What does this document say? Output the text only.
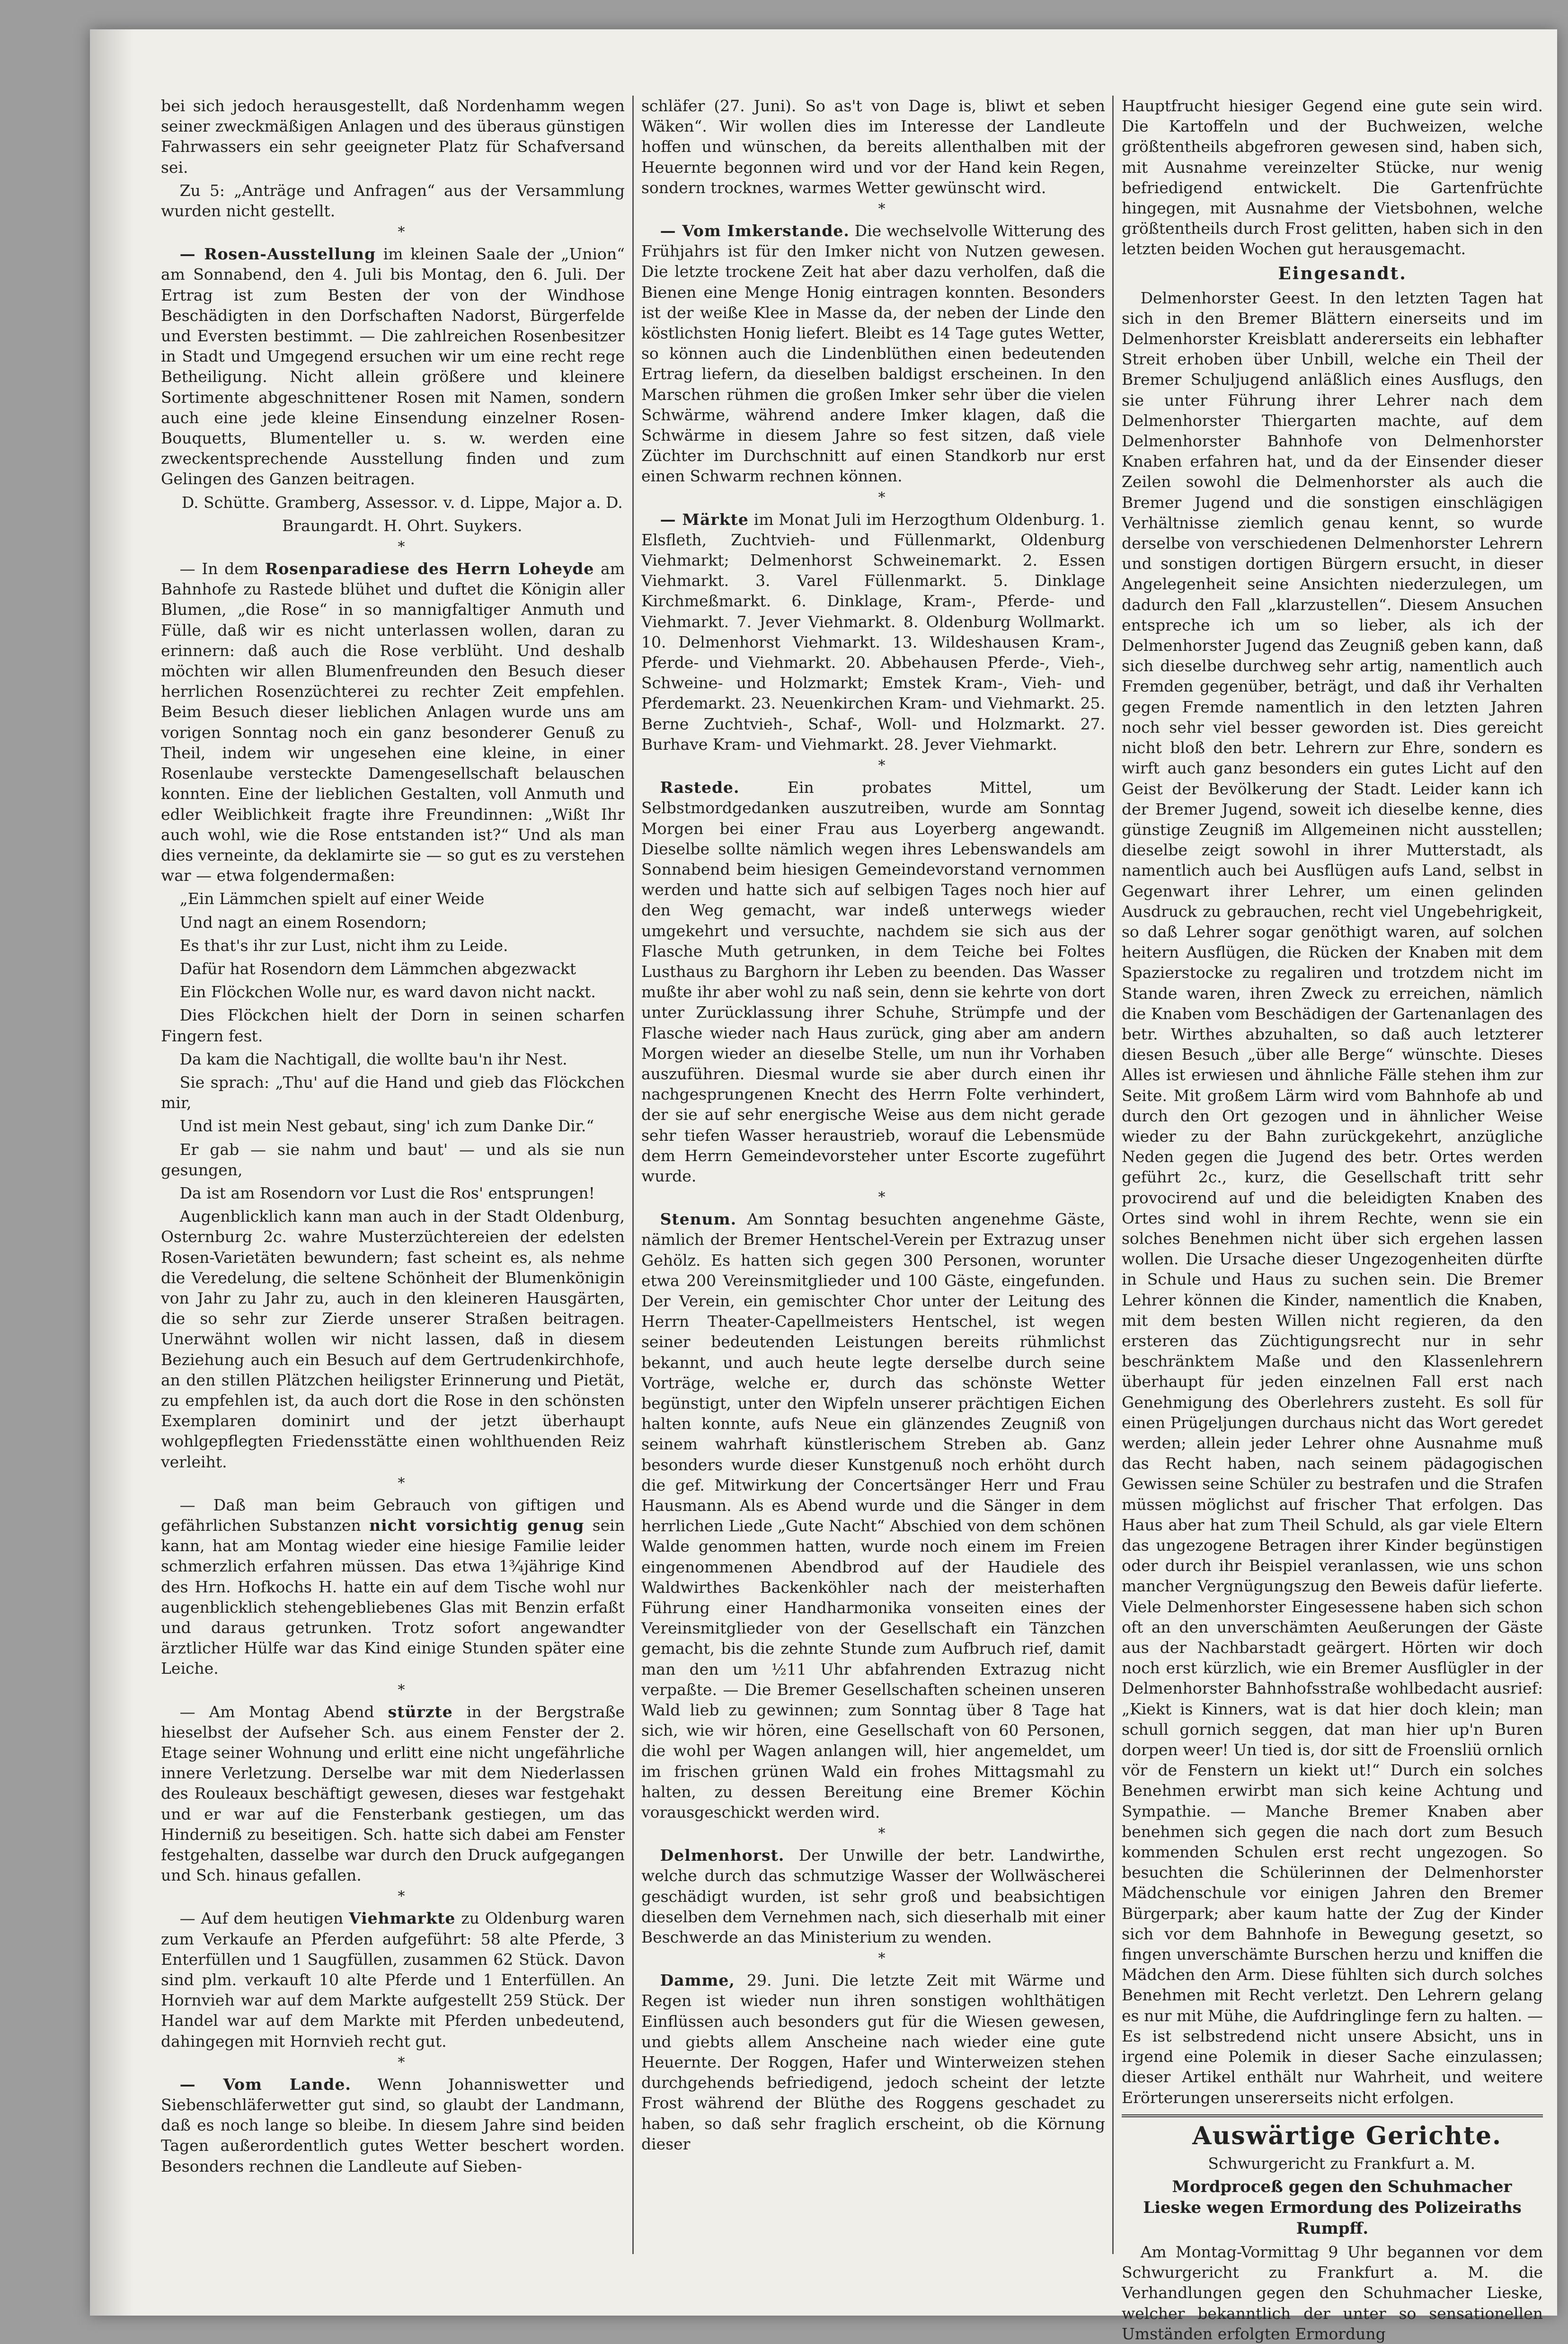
bei sich jedoch herausgestellt, daß Nordenhamm wegen seiner zweckmäßigen Anlagen und des überaus günstigen Fahrwassers ein sehr geeigneter Platz für Schafversand sei.

Zu 5: „Anträge und Anfragen“ aus der Versammlung wurden nicht gestellt.

*

— Rosen-Ausstellung im kleinen Saale der „Union“ am Sonnabend, den 4. Juli bis Montag, den 6. Juli. Der Ertrag ist zum Besten der von der Windhose Beschädigten in den Dorfschaften Nadorst, Bürgerfelde und Eversten bestimmt. — Die zahlreichen Rosenbesitzer in Stadt und Umgegend ersuchen wir um eine recht rege Betheiligung. Nicht allein größere und kleinere Sortimente abgeschnittener Rosen mit Namen, sondern auch eine jede kleine Einsendung einzelner Rosen-Bouquetts, Blumenteller u. s. w. werden eine zweckentsprechende Ausstellung finden und zum Gelingen des Ganzen beitragen.

D. Schütte. Gramberg, Assessor. v. d. Lippe, Major a. D.

Braungardt. H. Ohrt. Suykers.

*

— In dem Rosenparadiese des Herrn Loheyde am Bahnhofe zu Rastede blühet und duftet die Königin aller Blumen, „die Rose“ in so mannigfaltiger Anmuth und Fülle, daß wir es nicht unterlassen wollen, daran zu erinnern: daß auch die Rose verblüht. Und deshalb möchten wir allen Blumenfreunden den Besuch dieser herrlichen Rosenzüchterei zu rechter Zeit empfehlen. Beim Besuch dieser lieblichen Anlagen wurde uns am vorigen Sonntag noch ein ganz besonderer Genuß zu Theil, indem wir ungesehen eine kleine, in einer Rosenlaube versteckte Damengesellschaft belauschen konnten. Eine der lieblichen Gestalten, voll Anmuth und edler Weiblichkeit fragte ihre Freundinnen: „Wißt Ihr auch wohl, wie die Rose entstanden ist?“ Und als man dies verneinte, da deklamirte sie — so gut es zu verstehen war — etwa folgendermaßen:

„Ein Lämmchen spielt auf einer Weide

Und nagt an einem Rosendorn;

Es that's ihr zur Lust, nicht ihm zu Leide.

Dafür hat Rosendorn dem Lämmchen abgezwackt

Ein Flöckchen Wolle nur, es ward davon nicht nackt.

Dies Flöckchen hielt der Dorn in seinen scharfen Fingern fest.

Da kam die Nachtigall, die wollte bau'n ihr Nest.

Sie sprach: „Thu' auf die Hand und gieb das Flöckchen mir,

Und ist mein Nest gebaut, sing' ich zum Danke Dir.“

Er gab — sie nahm und baut' — und als sie nun gesungen,

Da ist am Rosendorn vor Lust die Ros' entsprungen!

Augenblicklich kann man auch in der Stadt Oldenburg, Osternburg 2c. wahre Musterzüchtereien der edelsten Rosen-Varietäten bewundern; fast scheint es, als nehme die Veredelung, die seltene Schönheit der Blumenkönigin von Jahr zu Jahr zu, auch in den kleineren Hausgärten, die so sehr zur Zierde unserer Straßen beitragen. Unerwähnt wollen wir nicht lassen, daß in diesem Beziehung auch ein Besuch auf dem Gertrudenkirchhofe, an den stillen Plätzchen heiligster Erinnerung und Pietät, zu empfehlen ist, da auch dort die Rose in den schönsten Exemplaren dominirt und der jetzt überhaupt wohlgepflegten Friedensstätte einen wohlthuenden Reiz verleiht.

*

— Daß man beim Gebrauch von giftigen und gefährlichen Substanzen nicht vorsichtig genug sein kann, hat am Montag wieder eine hiesige Familie leider schmerzlich erfahren müssen. Das etwa 1¾jährige Kind des Hrn. Hofkochs H. hatte ein auf dem Tische wohl nur augenblicklich stehengebliebenes Glas mit Benzin erfaßt und daraus getrunken. Trotz sofort angewandter ärztlicher Hülfe war das Kind einige Stunden später eine Leiche.

*

— Am Montag Abend stürzte in der Bergstraße hieselbst der Aufseher Sch. aus einem Fenster der 2. Etage seiner Wohnung und erlitt eine nicht ungefährliche innere Verletzung. Derselbe war mit dem Niederlassen des Rouleaux beschäftigt gewesen, dieses war festgehakt und er war auf die Fensterbank gestiegen, um das Hinderniß zu beseitigen. Sch. hatte sich dabei am Fenster festgehalten, dasselbe war durch den Druck aufgegangen und Sch. hinaus gefallen.

*

— Auf dem heutigen Viehmarkte zu Oldenburg waren zum Verkaufe an Pferden aufgeführt: 58 alte Pferde, 3 Enterfüllen und 1 Saugfüllen, zusammen 62 Stück. Davon sind plm. verkauft 10 alte Pferde und 1 Enterfüllen. An Hornvieh war auf dem Markte aufgestellt 259 Stück. Der Handel war auf dem Markte mit Pferden unbedeutend, dahingegen mit Hornvieh recht gut.

*

— Vom Lande. Wenn Johanniswetter und Siebenschläferwetter gut sind, so glaubt der Landmann, daß es noch lange so bleibe. In diesem Jahre sind beiden Tagen außerordentlich gutes Wetter beschert worden. Besonders rechnen die Landleute auf Sieben-

schläfer (27. Juni). So as't von Dage is, bliwt et seben Wäken“. Wir wollen dies im Interesse der Landleute hoffen und wünschen, da bereits allenthalben mit der Heuernte begonnen wird und vor der Hand kein Regen, sondern trocknes, warmes Wetter gewünscht wird.

*

— Vom Imkerstande. Die wechselvolle Witterung des Frühjahrs ist für den Imker nicht von Nutzen gewesen. Die letzte trockene Zeit hat aber dazu verholfen, daß die Bienen eine Menge Honig eintragen konnten. Besonders ist der weiße Klee in Masse da, der neben der Linde den köstlichsten Honig liefert. Bleibt es 14 Tage gutes Wetter, so können auch die Lindenblüthen einen bedeutenden Ertrag liefern, da dieselben baldigst erscheinen. In den Marschen rühmen die großen Imker sehr über die vielen Schwärme, während andere Imker klagen, daß die Schwärme in diesem Jahre so fest sitzen, daß viele Züchter im Durchschnitt auf einen Standkorb nur erst einen Schwarm rechnen können.

*

— Märkte im Monat Juli im Herzogthum Oldenburg. 1. Elsfleth, Zuchtvieh- und Füllenmarkt, Oldenburg Viehmarkt; Delmenhorst Schweinemarkt. 2. Essen Viehmarkt. 3. Varel Füllenmarkt. 5. Dinklage Kirchmeßmarkt. 6. Dinklage, Kram-, Pferde- und Viehmarkt. 7. Jever Viehmarkt. 8. Oldenburg Wollmarkt. 10. Delmenhorst Viehmarkt. 13. Wildeshausen Kram-, Pferde- und Viehmarkt. 20. Abbehausen Pferde-, Vieh-, Schweine- und Holzmarkt; Emstek Kram-, Vieh- und Pferdemarkt. 23. Neuenkirchen Kram- und Viehmarkt. 25. Berne Zuchtvieh-, Schaf-, Woll- und Holzmarkt. 27. Burhave Kram- und Viehmarkt. 28. Jever Viehmarkt.

*

Rastede.	Ein probates Mittel, um Selbstmordgedanken auszutreiben, wurde am Sonntag Morgen bei einer Frau aus Loyerberg angewandt. Dieselbe sollte nämlich wegen ihres Lebenswandels am Sonnabend beim hiesigen Gemeindevorstand vernommen werden und hatte sich auf selbigen Tages noch hier auf den Weg gemacht, war indeß unterwegs wieder umgekehrt und versuchte, nachdem sie sich aus der Flasche Muth getrunken, in dem Teiche bei Foltes Lusthaus zu Barghorn ihr Leben zu beenden. Das Wasser mußte ihr aber wohl zu naß sein, denn sie kehrte von dort unter Zurücklassung ihrer Schuhe, Strümpfe und der Flasche wieder nach Haus zurück, ging aber am andern Morgen wieder an dieselbe Stelle, um nun ihr Vorhaben auszuführen. Diesmal wurde sie aber durch einen ihr nachgesprungenen Knecht des Herrn Folte verhindert, der sie auf sehr energische Weise aus dem nicht gerade sehr tiefen Wasser heraustrieb, worauf die Lebensmüde dem Herrn Gemeindevorsteher unter Escorte zugeführt wurde.

*

Stenum. Am Sonntag besuchten angenehme Gäste, nämlich der Bremer Hentschel-Verein per Extrazug unser Gehölz. Es hatten sich gegen 300 Personen, worunter etwa 200 Vereinsmitglieder und 100 Gäste, eingefunden. Der Verein, ein gemischter Chor unter der Leitung des Herrn Theater-Capellmeisters Hentschel, ist wegen seiner bedeutenden Leistungen bereits rühmlichst bekannt, und auch heute legte derselbe durch seine Vorträge, welche er, durch das schönste Wetter begünstigt, unter den Wipfeln unserer prächtigen Eichen halten konnte, aufs Neue ein glänzendes Zeugniß von seinem wahrhaft künstlerischem Streben ab. Ganz besonders wurde dieser Kunstgenuß noch erhöht durch die gef. Mitwirkung der Concertsänger Herr und Frau Hausmann. Als es Abend wurde und die Sänger in dem herrlichen Liede „Gute Nacht“ Abschied von dem schönen Walde genommen hatten, wurde noch einem im Freien eingenommenen Abendbrod auf der Haudiele des Waldwirthes Backenköhler nach der meisterhaften Führung einer Handharmonika vonseiten eines der Vereinsmitglieder von der Gesellschaft ein Tänzchen gemacht, bis die zehnte Stunde zum Aufbruch rief, damit man den um ½11 Uhr abfahrenden Extrazug nicht verpaßte. — Die Bremer Gesellschaften scheinen unseren Wald lieb zu gewinnen; zum Sonntag über 8 Tage hat sich, wie wir hören, eine Gesellschaft von 60 Personen, die wohl per Wagen anlangen will, hier angemeldet, um im frischen grünen Wald ein frohes Mittagsmahl zu halten, zu dessen Bereitung eine Bremer Köchin vorausgeschickt werden wird.

*

Delmenhorst. Der Unwille der betr. Landwirthe, welche durch das schmutzige Wasser der Wollwäscherei geschädigt wurden, ist sehr groß und beabsichtigen dieselben dem Vernehmen nach, sich dieserhalb mit einer Beschwerde an das Ministerium zu wenden.

*

Damme, 29. Juni. Die letzte Zeit mit Wärme und Regen ist wieder nun ihren sonstigen wohlthätigen Einflüssen auch besonders gut für die Wiesen gewesen, und giebts allem Anscheine nach wieder eine gute Heuernte. Der Roggen, Hafer und Winterweizen stehen durchgehends befriedigend, jedoch scheint der letzte Frost während der Blüthe des Roggens geschadet zu haben, so daß sehr fraglich erscheint, ob die Körnung dieser

Hauptfrucht hiesiger Gegend eine gute sein wird. Die Kartoffeln und der Buchweizen, welche größtentheils abgefroren gewesen sind, haben sich, mit Ausnahme vereinzelter Stücke, nur wenig befriedigend entwickelt. Die Gartenfrüchte hingegen, mit Ausnahme der Vietsbohnen, welche größtentheils durch Frost gelitten, haben sich in den letzten beiden Wochen gut herausgemacht.

Eingesandt.

Delmenhorster Geest. In den letzten Tagen hat sich in den Bremer Blättern einerseits und im Delmenhorster Kreisblatt andererseits ein lebhafter Streit erhoben über Unbill, welche ein Theil der Bremer Schuljugend anläßlich eines Ausflugs, den sie unter Führung ihrer Lehrer nach dem Delmenhorster Thiergarten machte, auf dem Delmenhorster Bahnhofe von Delmenhorster Knaben erfahren hat, und da der Einsender dieser Zeilen sowohl die Delmenhorster als auch die Bremer Jugend und die sonstigen einschlägigen Verhältnisse ziemlich genau kennt, so wurde derselbe von verschiedenen Delmenhorster Lehrern und sonstigen dortigen Bürgern ersucht, in dieser Angelegenheit seine Ansichten niederzulegen, um dadurch den Fall „klarzustellen“. Diesem Ansuchen entspreche ich um so lieber, als ich der Delmenhorster Jugend das Zeugniß geben kann, daß sich dieselbe durchweg sehr artig, namentlich auch Fremden gegenüber, beträgt, und daß ihr Verhalten gegen Fremde namentlich in den letzten Jahren noch sehr viel besser geworden ist. Dies gereicht nicht bloß den betr. Lehrern zur Ehre, sondern es wirft auch ganz besonders ein gutes Licht auf den Geist der Bevölkerung der Stadt. Leider kann ich der Bremer Jugend, soweit ich dieselbe kenne, dies günstige Zeugniß im Allgemeinen nicht ausstellen; dieselbe zeigt sowohl in ihrer Mutterstadt, als namentlich auch bei Ausflügen aufs Land, selbst in Gegenwart ihrer Lehrer, um einen gelinden Ausdruck zu gebrauchen, recht viel Ungebehrigkeit, so daß Lehrer sogar genöthigt waren, auf solchen heitern Ausflügen, die Rücken der Knaben mit dem Spazierstocke zu regaliren und trotzdem nicht im Stande waren, ihren Zweck zu erreichen, nämlich die Knaben vom Beschädigen der Gartenanlagen des betr. Wirthes abzuhalten, so daß auch letzterer diesen Besuch „über alle Berge“ wünschte. Dieses Alles ist erwiesen und ähnliche Fälle stehen ihm zur Seite. Mit großem Lärm wird vom Bahnhofe ab und durch den Ort gezogen und in ähnlicher Weise wieder zu der Bahn zurückgekehrt, anzügliche Neden gegen die Jugend des betr. Ortes werden geführt 2c., kurz, die Gesellschaft tritt sehr provocirend auf und die beleidigten Knaben des Ortes sind wohl in ihrem Rechte, wenn sie ein solches Benehmen nicht über sich ergehen lassen wollen. Die Ursache dieser Ungezogenheiten dürfte in Schule und Haus zu suchen sein. Die Bremer Lehrer können die Kinder, namentlich die Knaben, mit dem besten Willen nicht regieren, da den ersteren das Züchtigungsrecht nur in sehr beschränktem Maße und den Klassenlehrern überhaupt für jeden einzelnen Fall erst nach Genehmigung des Oberlehrers zusteht. Es soll für einen Prügeljungen durchaus nicht das Wort geredet werden; allein jeder Lehrer ohne Ausnahme muß das Recht haben, nach seinem pädagogischen Gewissen seine Schüler zu bestrafen und die Strafen müssen möglichst auf frischer That erfolgen. Das Haus aber hat zum Theil Schuld, als gar viele Eltern das ungezogene Betragen ihrer Kinder begünstigen oder durch ihr Beispiel veranlassen, wie uns schon mancher Vergnügungszug den Beweis dafür lieferte. Viele Delmenhorster Eingesessene haben sich schon oft an den unverschämten Aeußerungen der Gäste aus der Nachbarstadt geärgert. Hörten wir doch noch erst kürzlich, wie ein Bremer Ausflügler in der Delmenhorster Bahnhofsstraße wohlbedacht ausrief: „Kiekt is Kinners, wat is dat hier doch klein; man schull gornich seggen, dat man hier up'n Buren dorpen weer! Un tied is, dor sitt de Froensliü ornlich vör de Fenstern un kiekt ut!“ Durch ein solches Benehmen erwirbt man sich keine Achtung und Sympathie. — Manche Bremer Knaben aber benehmen sich gegen die nach dort zum Besuch kommenden Schulen erst recht ungezogen. So besuchten die Schülerinnen der Delmenhorster Mädchenschule vor einigen Jahren den Bremer Bürgerpark; aber kaum hatte der Zug der Kinder sich vor dem Bahnhofe in Bewegung gesetzt, so fingen unverschämte Burschen herzu und kniffen die Mädchen den Arm. Diese fühlten sich durch solches Benehmen mit Recht verletzt. Den Lehrern gelang es nur mit Mühe, die Aufdringlinge fern zu halten. — Es ist selbstredend nicht unsere Absicht, uns in irgend eine Polemik in dieser Sache einzulassen; dieser Artikel enthält nur Wahrheit, und weitere Erörterungen unsererseits nicht erfolgen.

Auswärtige Gerichte.

Schwurgericht zu Frankfurt a. M.

Mordproceß gegen den Schuhmacher Lieske wegen Ermordung des Polizeiraths Rumpff.

Am Montag-Vormittag 9 Uhr begannen vor dem Schwurgericht zu Frankfurt a. M. die Verhandlungen gegen den Schuhmacher Lieske, welcher bekanntlich der unter so sensationellen Umständen erfolgten Ermordung
